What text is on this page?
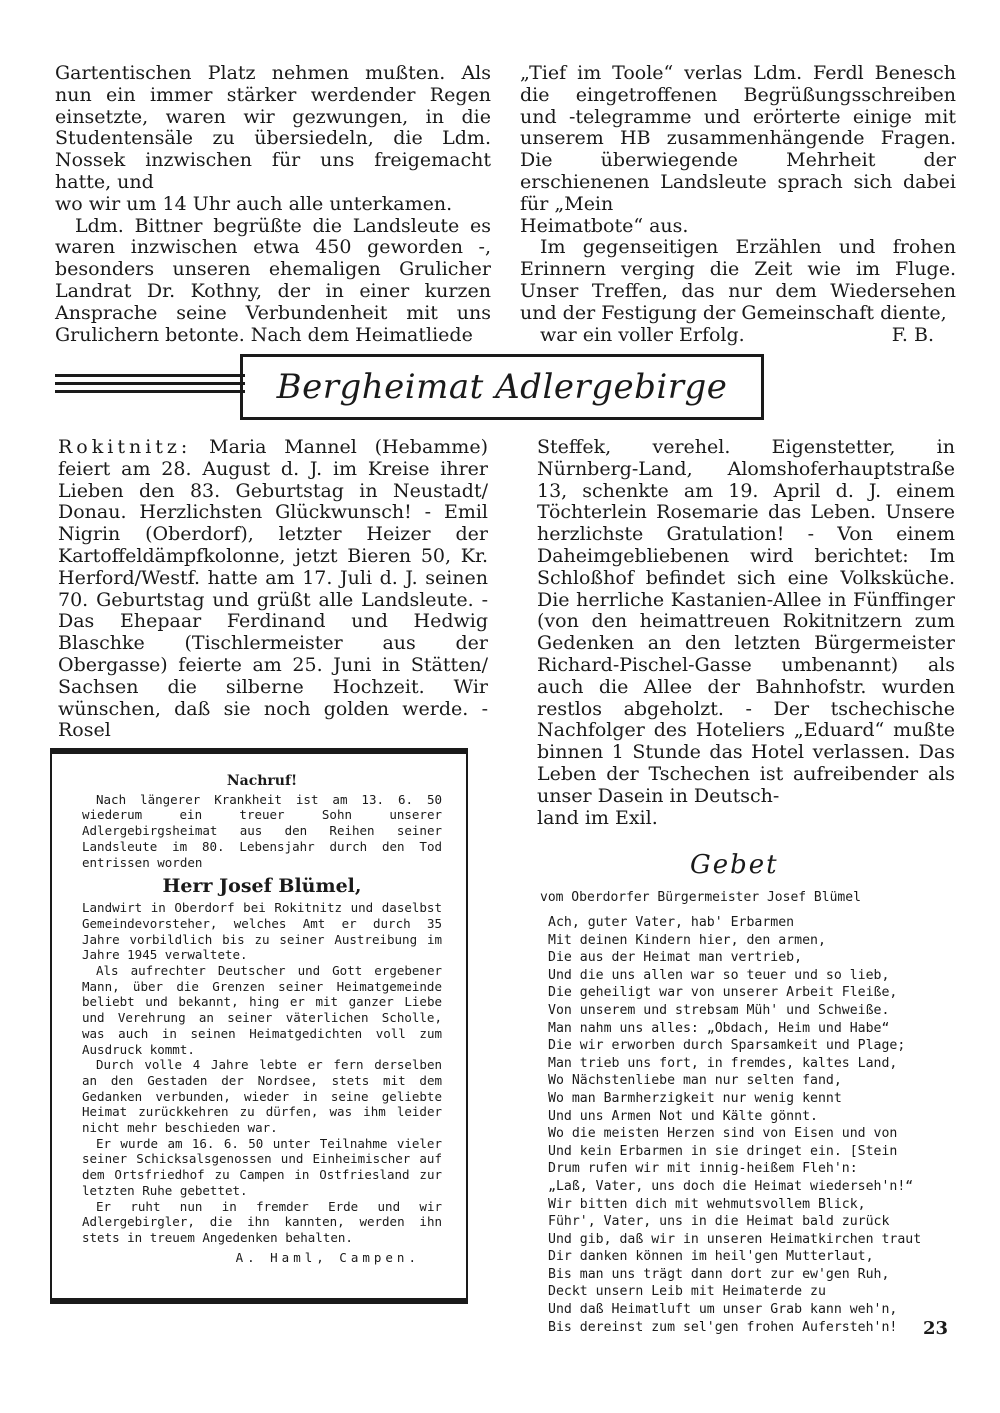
Gartentischen Platz nehmen mußten. Als nun ein immer stärker werdender Regen einsetzte, waren wir gezwungen, in die Studentensäle zu übersiedeln, die Ldm. Nossek inzwischen für uns freigemacht hatte, und
wo wir um 14 Uhr auch alle unterkamen.

Ldm. Bittner begrüßte die Landsleute es waren inzwischen etwa 450 geworden -, besonders unseren ehemaligen Grulicher Landrat Dr. Kothny, der in einer kurzen Ansprache seine Verbundenheit mit uns Grulichern betonte. Nach dem Heimatliede

„Tief im Toole“ verlas Ldm. Ferdl Benesch die eingetroffenen Begrüßungsschreiben und -telegramme und erörterte einige mit unserem HB zusammenhängende Fragen. Die überwiegende Mehrheit der erschienenen Landsleute sprach sich dabei für „Mein
Heimatbote“ aus.

Im gegenseitigen Erzählen und frohen Erinnern verging die Zeit wie im Fluge. Unser Treffen, das nur dem Wiedersehen und der Festigung der Gemeinschaft diente,
war ein voller Erfolg.	F. B.

Bergheimat Adlergebirge

Rokitnitz: Maria Mannel (Hebamme) feiert am 28. August d. J. im Kreise ihrer Lieben den 83. Geburtstag in Neustadt/ Donau. Herzlichsten Glückwunsch! - Emil Nigrin (Oberdorf), letzter Heizer der Kartoffeldämpfkolonne, jetzt Bieren 50, Kr. Herford/Westf. hatte am 17. Juli d. J. seinen 70. Geburtstag und grüßt alle Landsleute. - Das Ehepaar Ferdinand und Hedwig Blaschke (Tischlermeister aus der Obergasse) feierte am 25. Juni in Stätten/ Sachsen die silberne Hochzeit. Wir wünschen, daß sie noch golden werde. - Rosel

Steffek, verehel. Eigenstetter, in Nürnberg-Land, Alomshoferhauptstraße 13, schenkte am 19. April d. J. einem Töchterlein Rosemarie das Leben. Unsere herzlichste Gratulation! - Von einem Daheimgebliebenen wird berichtet: Im Schloßhof befindet sich eine Volksküche. Die herrliche Kastanien-Allee in Fünffinger (von den heimattreuen Rokitnitzern zum Gedenken an den letzten Bürgermeister Richard-Pischel-Gasse umbenannt) als auch die Allee der Bahnhofstr. wurden restlos abgeholzt. - Der tschechische Nachfolger des Hoteliers „Eduard“ mußte binnen 1 Stunde das Hotel verlassen. Das Leben der Tschechen ist aufreibender als unser Dasein in Deutsch-
land im Exil.

Nachruf!

Nach längerer Krankheit ist am 13. 6. 50 wiederum ein treuer Sohn unserer Adlergebirgsheimat aus den Reihen seiner Landsleute im 80. Lebensjahr durch den Tod entrissen worden

Herr Josef Blümel,

Landwirt in Oberdorf bei Rokitnitz und daselbst Gemeindevorsteher, welches Amt er durch 35 Jahre vorbildlich bis zu seiner Austreibung im Jahre 1945 verwaltete.

Als aufrechter Deutscher und Gott ergebener Mann, über die Grenzen seiner Heimatgemeinde beliebt und bekannt, hing er mit ganzer Liebe und Verehrung an seiner väterlichen Scholle, was auch in seinen Heimatgedichten voll zum Ausdruck kommt.

Durch volle 4 Jahre lebte er fern derselben an den Gestaden der Nordsee, stets mit dem Gedanken verbunden, wieder in seine geliebte Heimat zurückkehren zu dürfen, was ihm leider nicht mehr beschieden war.

Er wurde am 16. 6. 50 unter Teilnahme vieler seiner Schicksalsgenossen und Einheimischer auf dem Ortsfriedhof zu Campen in Ostfriesland zur letzten Ruhe gebettet.

Er ruht nun in fremder Erde und wir Adlergebirgler, die ihn kannten, werden ihn stets in treuem Angedenken behalten.

A. Haml, Campen.

Gebet
vom Oberdorfer Bürgermeister Josef Blümel
Ach, guter Vater, hab' Erbarmen
Mit deinen Kindern hier, den armen,
Die aus der Heimat man vertrieb,
Und die uns allen war so teuer und so lieb,
Die geheiligt war von unserer Arbeit Fleiße,
Von unserem und strebsam Müh' und Schweiße.
Man nahm uns alles: „Obdach, Heim und Habe“
Die wir erworben durch Sparsamkeit und Plage;
Man trieb uns fort, in fremdes, kaltes Land,
Wo Nächstenliebe man nur selten fand,
Wo man Barmherzigkeit nur wenig kennt
Und uns Armen Not und Kälte gönnt.
Wo die meisten Herzen sind von Eisen und von
Und kein Erbarmen in sie dringet ein. [Stein
Drum rufen wir mit innig-heißem Fleh'n:
„Laß, Vater, uns doch die Heimat wiederseh'n!“
Wir bitten dich mit wehmutsvollem Blick,
Führ', Vater, uns in die Heimat bald zurück
Und gib, daß wir in unseren Heimatkirchen traut
Dir danken können im heil'gen Mutterlaut,
Bis man uns trägt dann dort zur ew'gen Ruh,
Deckt unsern Leib mit Heimaterde zu
Und daß Heimatluft um unser Grab kann weh'n,
Bis dereinst zum sel'gen frohen Aufersteh'n!	23
